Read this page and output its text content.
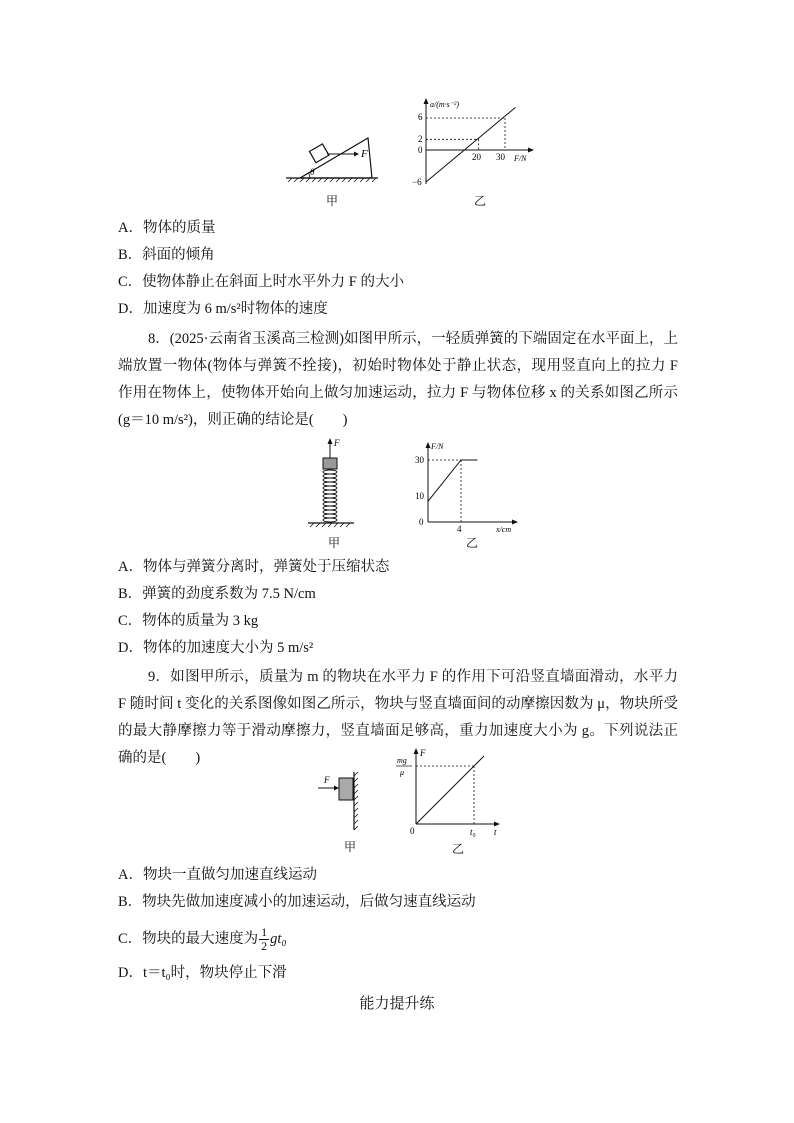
F
θ
甲
a/(m·s⁻²)
F/N
6
2
0
−6
20 30
乙
A．物体的质量
B．斜面的倾角
C．使物体静止在斜面上时水平外力 F 的大小
D．加速度为 6 m/s²时物体的速度
8．(2025·云南省玉溪高三检测)如图甲所示，一轻质弹簧的下端固定在水平面上，上端放置一物体(物体与弹簧不拴接)，初始时物体处于静止状态，现用竖直向上的拉力 F 作用在物体上，使物体开始向上做匀加速运动，拉力 F 与物体位移 x 的关系如图乙所示(g＝10 m/s²)，则正确的结论是(　　)
F
甲
F/N
x/cm
30
10
0
4
乙
A．物体与弹簧分离时，弹簧处于压缩状态
B．弹簧的劲度系数为 7.5 N/cm
C．物体的质量为 3 kg
D．物体的加速度大小为 5 m/s²
9．如图甲所示，质量为 m 的物块在水平力 F 的作用下可沿竖直墙面滑动，水平力 F 随时间 t 变化的关系图像如图乙所示，物块与竖直墙面间的动摩擦因数为 μ，物块所受的最大静摩擦力等于滑动摩擦力，竖直墙面足够高，重力加速度大小为 g。下列说法正确的是(　　)
F
甲
F
t
mg
μ
0	t₀
乙
A．物块一直做匀加速直线运动
B．物块先做加速度减小的加速运动，后做匀速直线运动
C．物块的最大速度为 $\frac{1}{2} gt_0$
D．t＝t₀时，物块停止下滑
能力提升练
